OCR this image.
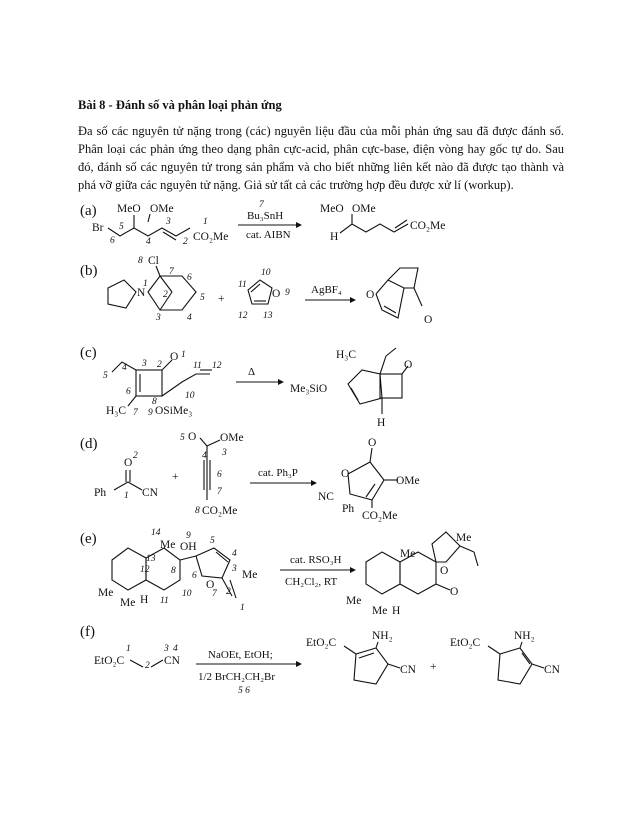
Bài 8 - Đánh số và phân loại phản ứng
Đa số các nguyên tử nặng trong (các) nguyên liệu đầu của mỗi phản ứng sau đã được đánh số. Phân loại các phản ứng theo dạng phân cực-acid, phân cực-base, điện vòng hay gốc tự do. Sau đó, đánh số các nguyên tử trong sản phẩm và cho biết những liên kết nào đã được tạo thành và phá vỡ giữa các nguyên tử nặng. Giả sử tất cả các trường hợp đều được xử lí (workup).
(a) MeO OMe
Br
CO₂Me
5
6	4
3
2
1
7
Bu₃SnH
cat. AIBN
MeO OMe
H
CO₂Me
(b)
N
1
8 Cl
7
6
5
4
3
2	+	O
10
11
9
12 13
AgBF₄ O
O
(c)	O
H₃C	OSiMe₃
1
2
3
4
5
6
7
8
9
10
11 12 Δ
H₃C
O
H
Me₃SiO
(d)
O
2
Ph 1 CN
+
5 O OMe
4 3
6
7
8 CO₂Me
cat. Ph₃P
O
O
OMe
NC
Ph
CO₂Me
(e)	Me OH
O
Me
Me
Me H
14	9 5
4
3
2
1
6
7
8
10
11
12
13	cat. RSO₃H
CH₂Cl₂, RT
O
O
Me
Me
Me
Me H
(f)
1	3 4
EtO₂C 2 CN	NaOEt, EtOH;
1/2 BrCH₂CH₂Br
5 6
EtO₂C
NH₂
CN +
EtO₂C
NH₂
CN
